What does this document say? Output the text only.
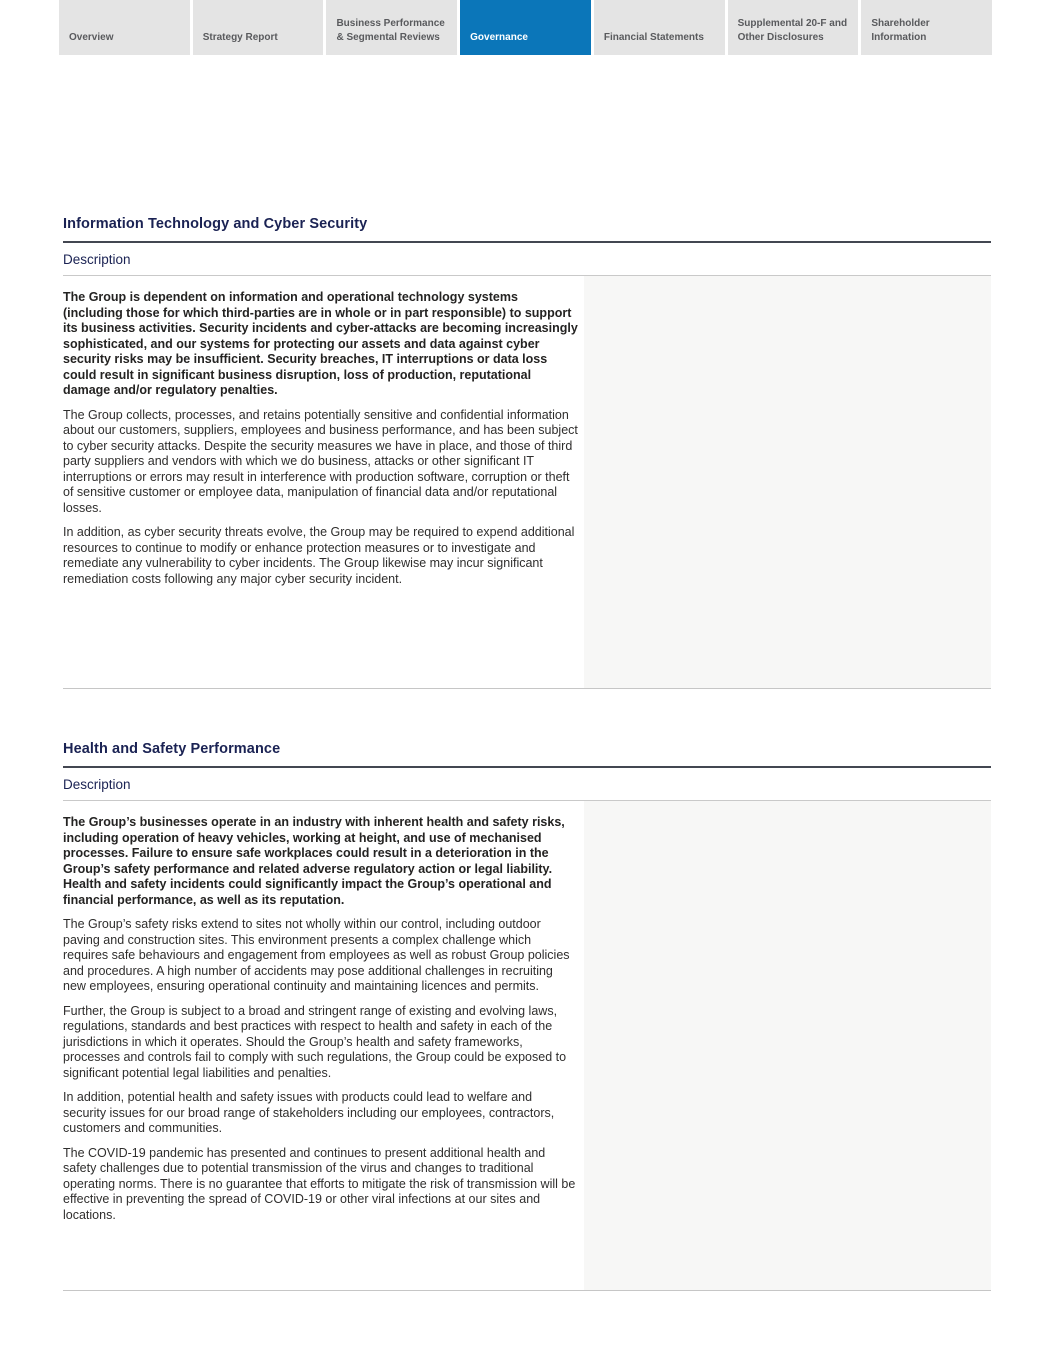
Overview	Strategy Report
Business Performance & Segmental Reviews	Governance	Financial Statements
Supplemental 20-F and Other Disclosures
Shareholder Information
Information Technology and Cyber Security
Description

The Group is dependent on information and operational technology systems (including those for which third-parties are in whole or in part responsible) to support its business activities. Security incidents and cyber-attacks are becoming increasingly sophisticated, and our systems for protecting our assets and data against cyber security risks may be insufficient. Security breaches, IT interruptions or data loss could result in significant business disruption, loss of production, reputational damage and/or regulatory penalties.

The Group collects, processes, and retains potentially sensitive and confidential information about our customers, suppliers, employees and business performance, and has been subject to cyber security attacks. Despite the security measures we have in place, and those of third party suppliers and vendors with which we do business, attacks or other significant IT interruptions or errors may result in interference with production software, corruption or theft of sensitive customer or employee data, manipulation of financial data and/or reputational losses.

In addition, as cyber security threats evolve, the Group may be required to expend additional resources to continue to modify or enhance protection measures or to investigate and remediate any vulnerability to cyber incidents. The Group likewise may incur significant remediation costs following any major cyber security incident.

Health and Safety Performance
Description

The Group’s businesses operate in an industry with inherent health and safety risks, including operation of heavy vehicles, working at height, and use of mechanised processes. Failure to ensure safe workplaces could result in a deterioration in the Group’s safety performance and related adverse regulatory action or legal liability. Health and safety incidents could significantly impact the Group’s operational and financial performance, as well as its reputation.

The Group’s safety risks extend to sites not wholly within our control, including outdoor paving and construction sites. This environment presents a complex challenge which requires safe behaviours and engagement from employees as well as robust Group policies and procedures. A high number of accidents may pose additional challenges in recruiting new employees, ensuring operational continuity and maintaining licences and permits.

Further, the Group is subject to a broad and stringent range of existing and evolving laws, regulations, standards and best practices with respect to health and safety in each of the jurisdictions in which it operates. Should the Group’s health and safety frameworks, processes and controls fail to comply with such regulations, the Group could be exposed to significant potential legal liabilities and penalties.

In addition, potential health and safety issues with products could lead to welfare and security issues for our broad range of stakeholders including our employees, contractors, customers and communities.

The COVID-19 pandemic has presented and continues to present additional health and safety challenges due to potential transmission of the virus and changes to traditional operating norms. There is no guarantee that efforts to mitigate the risk of transmission will be effective in preventing the spread of COVID-19 or other viral infections at our sites and locations.
